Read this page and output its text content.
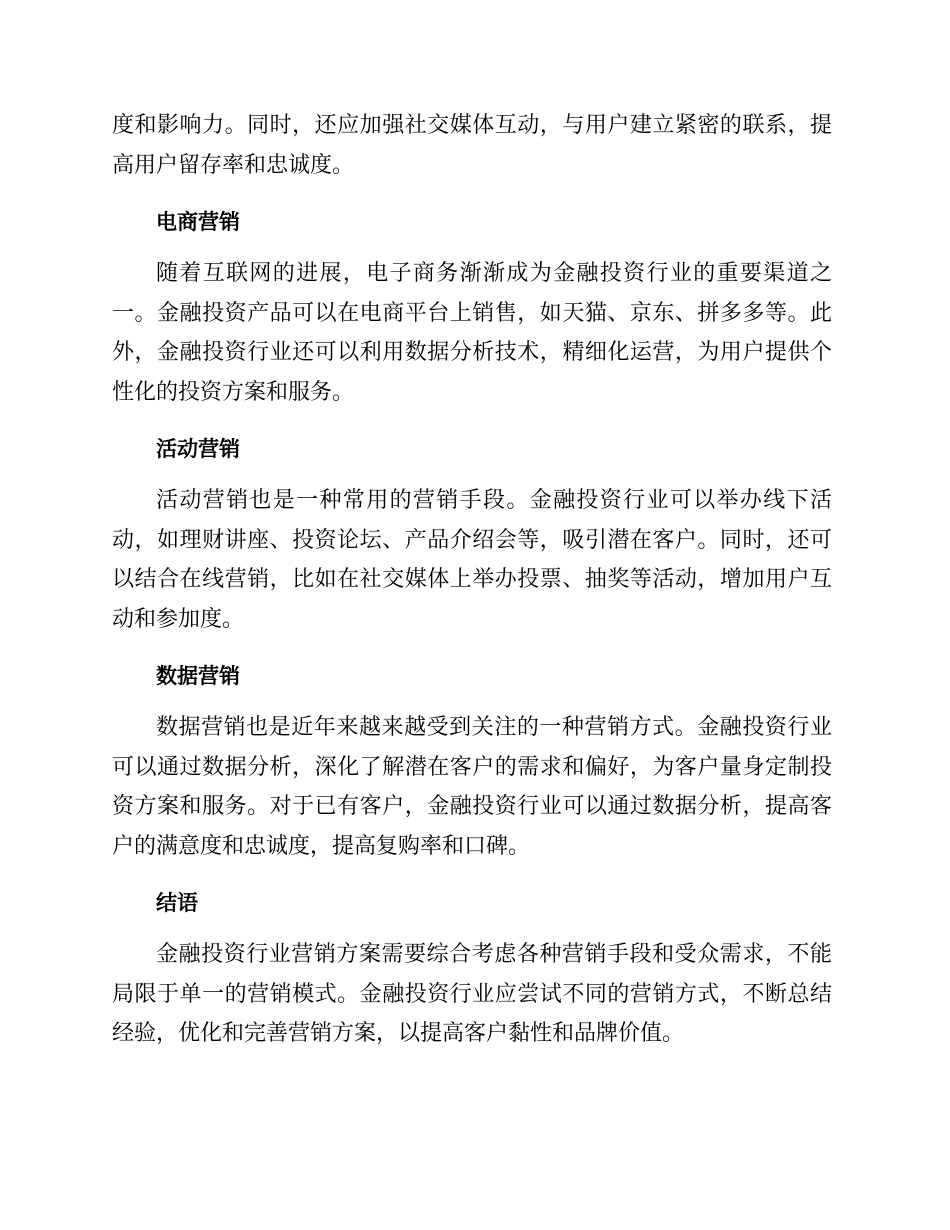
度和影响力。同时，还应加强社交媒体互动，与用户建立紧密的联系，提高用户留存率和忠诚度。

电商营销

随着互联网的进展，电子商务渐渐成为金融投资行业的重要渠道之一。金融投资产品可以在电商平台上销售，如天猫、京东、拼多多等。此外，金融投资行业还可以利用数据分析技术，精细化运营，为用户提供个性化的投资方案和服务。

活动营销

活动营销也是一种常用的营销手段。金融投资行业可以举办线下活动，如理财讲座、投资论坛、产品介绍会等，吸引潜在客户。同时，还可以结合在线营销，比如在社交媒体上举办投票、抽奖等活动，增加用户互动和参加度。

数据营销

数据营销也是近年来越来越受到关注的一种营销方式。金融投资行业可以通过数据分析，深化了解潜在客户的需求和偏好，为客户量身定制投资方案和服务。对于已有客户，金融投资行业可以通过数据分析，提高客户的满意度和忠诚度，提高复购率和口碑。

结语

金融投资行业营销方案需要综合考虑各种营销手段和受众需求，不能局限于单一的营销模式。金融投资行业应尝试不同的营销方式，不断总结经验，优化和完善营销方案，以提高客户黏性和品牌价值。
